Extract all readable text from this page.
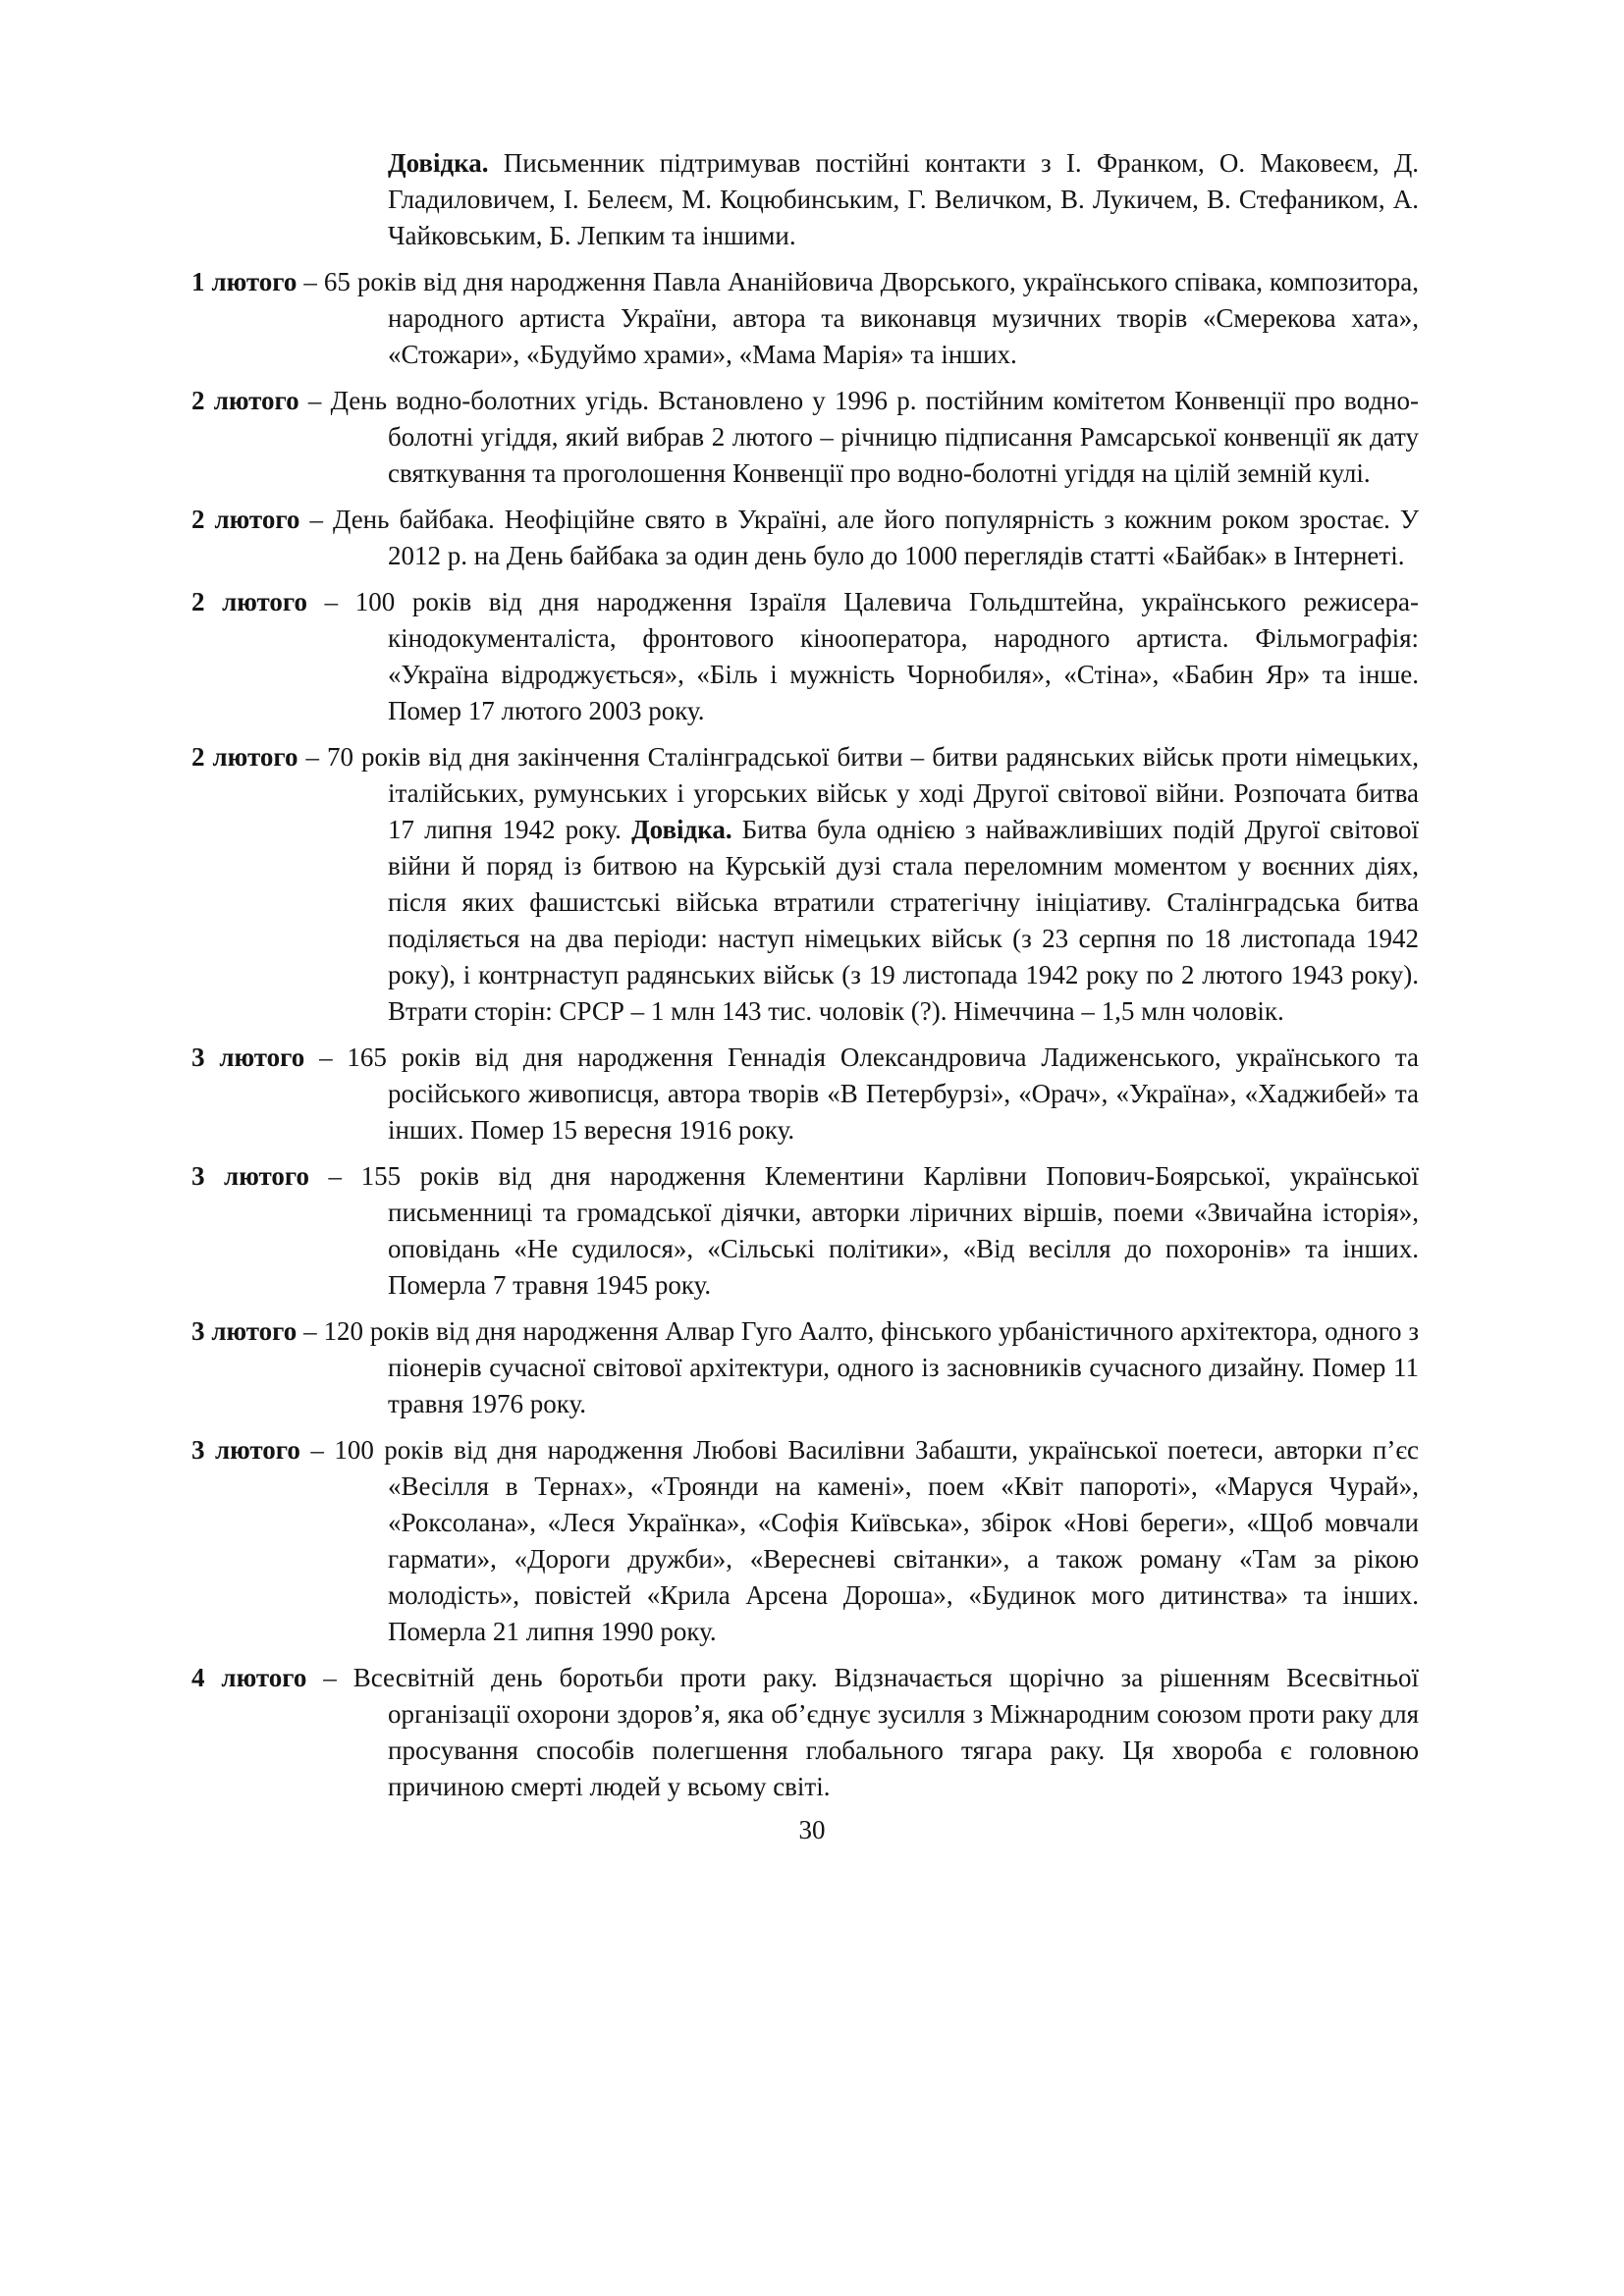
Довідка. Письменник підтримував постійні контакти з І. Франком, О. Маковеєм, Д. Гладиловичем, І. Белеєм, М. Коцюбинським, Г. Величком, В. Лукичем, В. Стефаником, А. Чайковським, Б. Лепким та іншими.

1 лютого – 65 років від дня народження Павла Ананійовича Дворського, українського співака, композитора, народного артиста України, автора та виконавця музичних творів «Смерекова хата», «Стожари», «Будуймо храми», «Мама Марія» та інших.

2 лютого – День водно-болотних угідь. Встановлено у 1996 р. постійним комітетом Конвенції про водно-болотні угіддя, який вибрав 2 лютого – річницю підписання Рамсарської конвенції як дату святкування та проголошення Конвенції про водно-болотні угіддя на цілій земній кулі.

2 лютого – День байбака. Неофіційне свято в Україні, але його популярність з кожним роком зростає. У 2012 р. на День байбака за один день було до 1000 переглядів статті «Байбак» в Інтернеті.

2 лютого – 100 років від дня народження Ізраїля Цалевича Гольдштейна, українського режисера-кінодокументаліста, фронтового кінооператора, народного артиста. Фільмографія: «Україна відроджується», «Біль і мужність Чорнобиля», «Стіна», «Бабин Яр» та інше. Помер 17 лютого 2003 року.

2 лютого – 70 років від дня закінчення Сталінградської битви – битви радянських військ проти німецьких, італійських, румунських і угорських військ у ході Другої світової війни. Розпочата битва 17 липня 1942 року. Довідка. Битва була однією з найважливіших подій Другої світової війни й поряд із битвою на Курській дузі стала переломним моментом у воєнних діях, після яких фашистські війська втратили стратегічну ініціативу. Сталінградська битва поділяється на два періоди: наступ німецьких військ (з 23 серпня по 18 листопада 1942 року), і контрнаступ радянських військ (з 19 листопада 1942 року по 2 лютого 1943 року). Втрати сторін: СРСР – 1 млн 143 тис. чоловік (?). Німеччина – 1,5 млн чоловік.

3 лютого – 165 років від дня народження Геннадія Олександровича Ладиженського, українського та російського живописця, автора творів «В Петербурзі», «Орач», «Україна», «Хаджибей» та інших. Помер 15 вересня 1916 року.

3 лютого – 155 років від дня народження Клементини Карлівни Попович-Боярської, української письменниці та громадської діячки, авторки ліричних віршів, поеми «Звичайна історія», оповідань «Не судилося», «Сільські політики», «Від весілля до похоронів» та інших. Померла 7 травня 1945 року.

3 лютого – 120 років від дня народження Алвар Гуго Аалто, фінського урбаністичного архітектора, одного з піонерів сучасної світової архітектури, одного із засновників сучасного дизайну. Помер 11 травня 1976 року.

3 лютого – 100 років від дня народження Любові Василівни Забашти, української поетеси, авторки п’єс «Весілля в Тернах», «Троянди на камені», поем «Квіт папороті», «Маруся Чурай», «Роксолана», «Леся Українка», «Софія Київська», збірок «Нові береги», «Щоб мовчали гармати», «Дороги дружби», «Вересневі світанки», а також роману «Там за рікою молодість», повістей «Крила Арсена Дороша», «Будинок мого дитинства» та інших. Померла 21 липня 1990 року.

4 лютого – Всесвітній день боротьби проти раку. Відзначається щорічно за рішенням Всесвітньої організації охорони здоров’я, яка об’єднує зусилля з Міжнародним союзом проти раку для просування способів полегшення глобального тягара раку. Ця хвороба є головною причиною смерті людей у всьому світі.

30
